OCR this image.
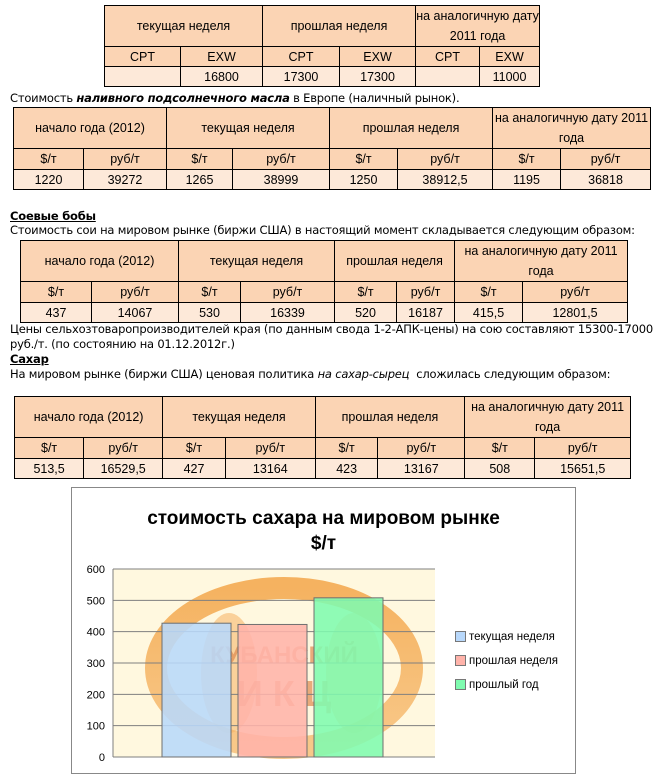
текущая неделя		прошлая неделя		на аналогичную дату 2011 года	
CPT	EXW	CPT	EXW	CPT	EXW
	16800	17300	17300		11000
Стоимость наливного подсолнечного масла в Европе (наличный рынок).
начало года (2012)		текущая неделя		прошлая неделя		на аналогичную дату 2011 года	
$/т	руб/т	$/т	руб/т	$/т	руб/т	$/т	руб/т
1220	39272	1265	38999	1250	38912,5	1195	36818
Соевые бобы
Стоимость сои на мировом рынке (биржи США) в настоящий момент складывается следующим образом:
начало года (2012)		текущая неделя		прошлая неделя		на аналогичную дату 2011 года	
$/т	руб/т	$/т	руб/т	$/т	руб/т	$/т	руб/т
437	14067	530	16339	520	16187	415,5	12801,5
Цены сельхозтоваропроизводителей края (по данным свода 1-2-АПК-цены) на сою составляют 15300-17000
руб./т. (по состоянию на 01.12.2012г.)
Сахар
На мировом рынке (биржи США) ценовая политика на сахар-сырец  сложилась следующим образом:
начало года (2012)		текущая неделя		прошлая неделя		на аналогичную дату 2011 года	
$/т	руб/т	$/т	руб/т	$/т	руб/т	$/т	руб/т
513,5	16529,5	427	13164	423	13167	508	15651,5
стоимость сахара на мировом рынке
$/т
0
100
200
300
400
500
600
текущая неделя
прошлая неделя
прошлый год
